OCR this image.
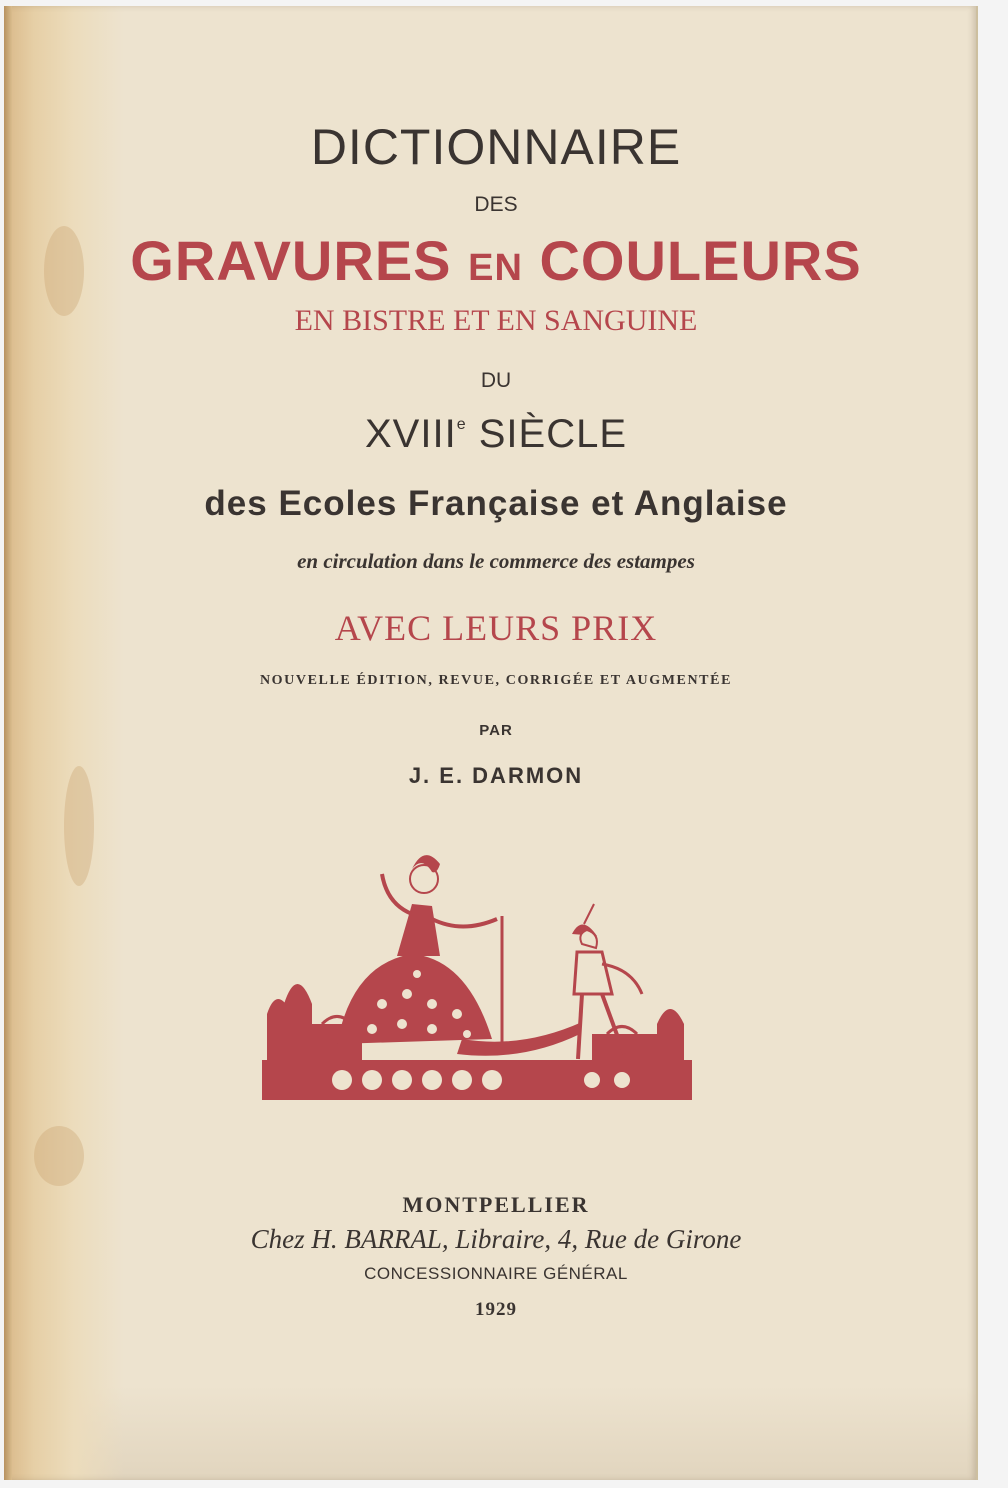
DICTIONNAIRE
DES
GRAVURES EN COULEURS
EN BISTRE ET EN SANGUINE
DU
XVIIIe SIÈCLE
des Ecoles Française et Anglaise
en circulation dans le commerce des estampes
AVEC LEURS PRIX
NOUVELLE ÉDITION, REVUE, CORRIGÉE ET AUGMENTÉE
PAR
J. E. DARMON
MONTPELLIER
Chez H. BARRAL, Libraire, 4, Rue de Girone
CONCESSIONNAIRE GÉNÉRAL
1929
